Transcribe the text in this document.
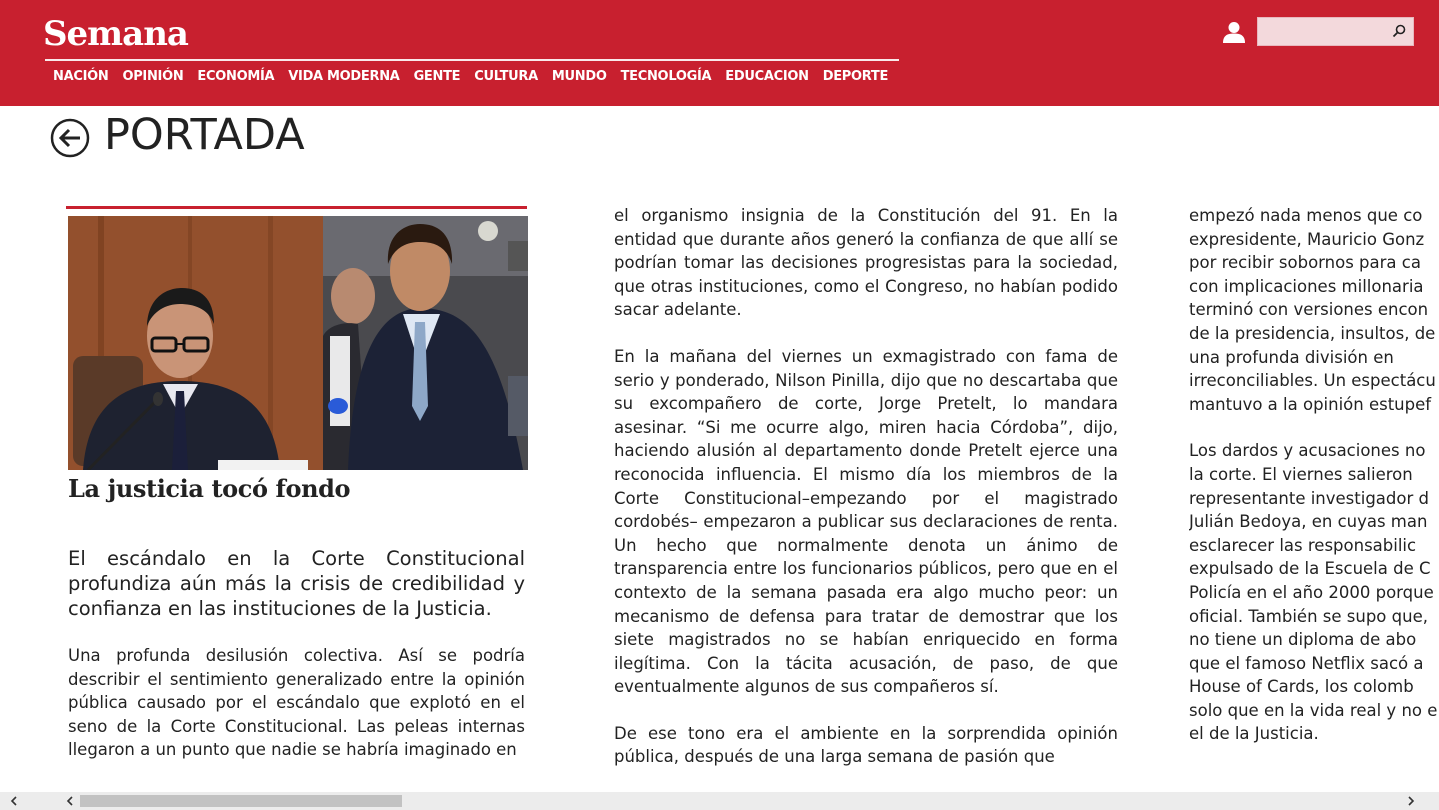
Semana
NACIÓN	OPINIÓN	ECONOMÍA	VIDA MODERNA	GENTE	CULTURA	MUNDO	TECNOLOGÍA	EDUCACION	DEPORTE
PORTADA
La justicia tocó fondo

El escándalo en la Corte Constitucional profundiza aún más la crisis de credibilidad y confianza en las instituciones de la Justicia.

Una profunda desilusión colectiva. Así se podría describir el sentimiento generalizado entre la opinión pública causado por el escándalo que explotó en el seno de la Corte Constitucional. Las peleas internas llegaron a un punto que nadie se habría imaginado en

el organismo insignia de la Constitución del 91. En la entidad que durante años generó la confianza de que allí se podrían tomar las decisiones progresistas para la sociedad, que otras instituciones, como el Congreso, no habían podido sacar adelante.

En la mañana del viernes un exmagistrado con fama de serio y ponderado, Nilson Pinilla, dijo que no descartaba que su excompañero de corte, Jorge Pretelt, lo mandara asesinar. “Si me ocurre algo, miren hacia Córdoba”, dijo, haciendo alusión al departamento donde Pretelt ejerce una reconocida influencia. El mismo día los miembros de la Corte Constitucional–empezando por el magistrado cordobés– empezaron a publicar sus declaraciones de renta. Un hecho que normalmente denota un ánimo de transparencia entre los funcionarios públicos, pero que en el contexto de la semana pasada era algo mucho peor: un mecanismo de defensa para tratar de demostrar que los siete magistrados no se habían enriquecido en forma ilegítima. Con la tácita acusación, de paso, de que eventualmente algunos de sus compañeros sí.

De ese tono era el ambiente en la sorprendida opinión pública, después de una larga semana de pasión que

empezó nada menos que co
expresidente, Mauricio Gonz
por recibir sobornos para ca
con implicaciones millonaria
terminó con versiones encon
de la presidencia, insultos, de
una profunda división en
irreconciliables. Un espectácu
mantuvo a la opinión estupef

Los dardos y acusaciones no
la corte. El viernes salieron
representante investigador d
Julián Bedoya, en cuyas man
esclarecer las responsabilic
expulsado de la Escuela de C
Policía en el año 2000 porque
oficial. También se supo que,
no tiene un diploma de abo
que el famoso Netflix sacó a
House of Cards, los colomb
solo que en la vida real y no e
el de la Justicia.
